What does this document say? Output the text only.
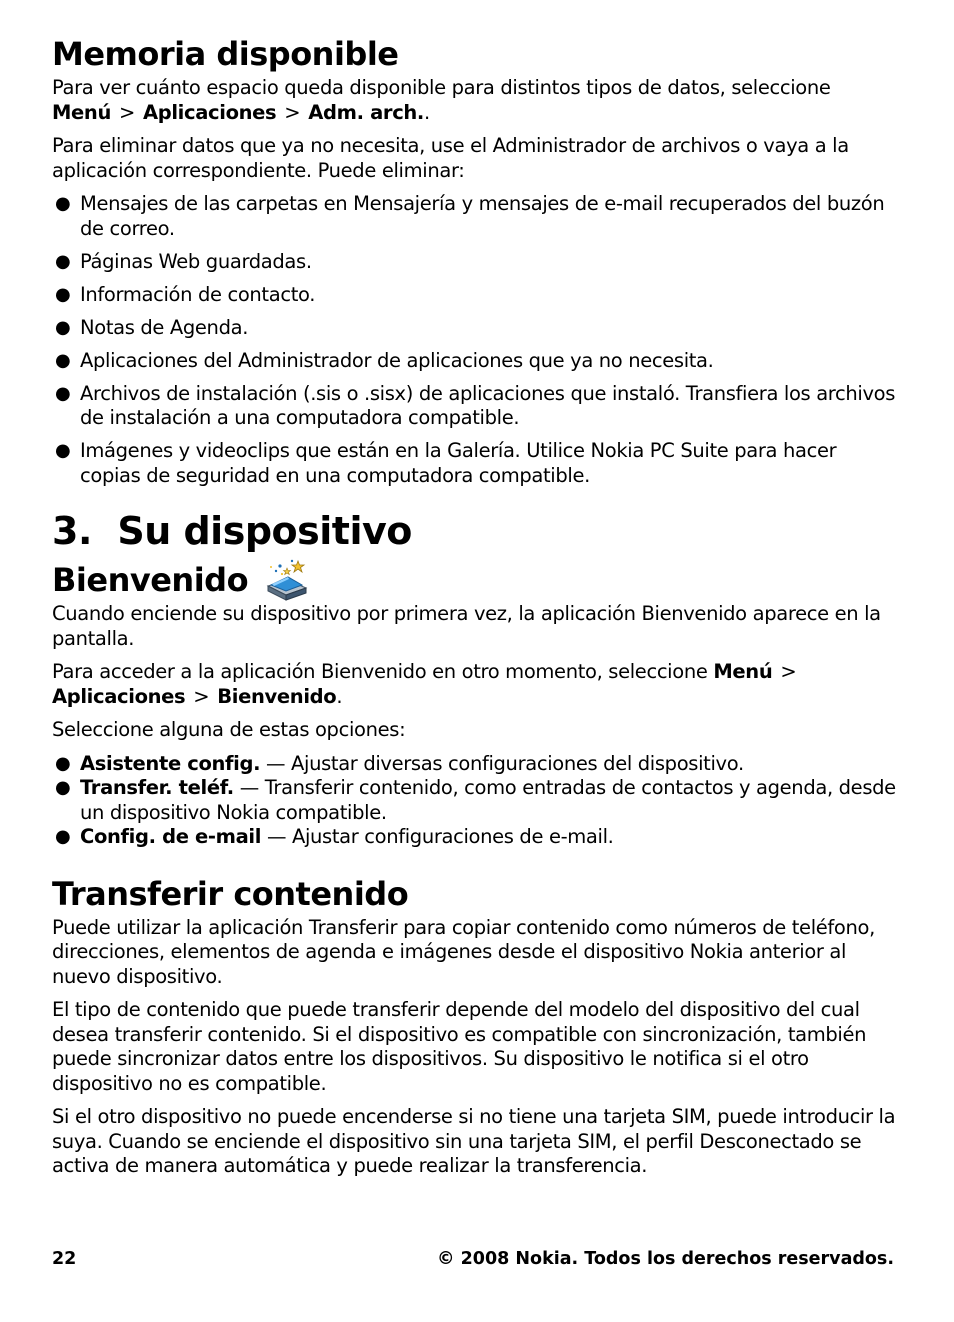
Memoria disponible

Para ver cuánto espacio queda disponible para distintos tipos de datos, seleccione Menú > Aplicaciones > Adm. arch..

Para eliminar datos que ya no necesita, use el Administrador de archivos o vaya a la aplicación correspondiente. Puede eliminar:

● Mensajes de las carpetas en Mensajería y mensajes de e-mail recuperados del buzón de correo.
● Páginas Web guardadas.
● Información de contacto.
● Notas de Agenda.
● Aplicaciones del Administrador de aplicaciones que ya no necesita.
● Archivos de instalación (.sis o .sisx) de aplicaciones que instaló. Transfiera los archivos de instalación a una computadora compatible.
● Imágenes y videoclips que están en la Galería. Utilice Nokia PC Suite para hacer copias de seguridad en una computadora compatible.
3.  Su dispositivo
Bienvenido

Cuando enciende su dispositivo por primera vez, la aplicación Bienvenido aparece en la pantalla.

Para acceder a la aplicación Bienvenido en otro momento, seleccione Menú >
Aplicaciones > Bienvenido.

Seleccione alguna de estas opciones:

● Asistente config. — Ajustar diversas configuraciones del dispositivo.
● Transfer. teléf. — Transferir contenido, como entradas de contactos y agenda, desde un dispositivo Nokia compatible.
● Config. de e-mail — Ajustar configuraciones de e-mail.
Transferir contenido

Puede utilizar la aplicación Transferir para copiar contenido como números de teléfono, direcciones, elementos de agenda e imágenes desde el dispositivo Nokia anterior al nuevo dispositivo.

El tipo de contenido que puede transferir depende del modelo del dispositivo del cual desea transferir contenido. Si el dispositivo es compatible con sincronización, también puede sincronizar datos entre los dispositivos. Su dispositivo le notifica si el otro dispositivo no es compatible.

Si el otro dispositivo no puede encenderse si no tiene una tarjeta SIM, puede introducir la suya. Cuando se enciende el dispositivo sin una tarjeta SIM, el perfil Desconectado se activa de manera automática y puede realizar la transferencia.

22	© 2008 Nokia. Todos los derechos reservados.
